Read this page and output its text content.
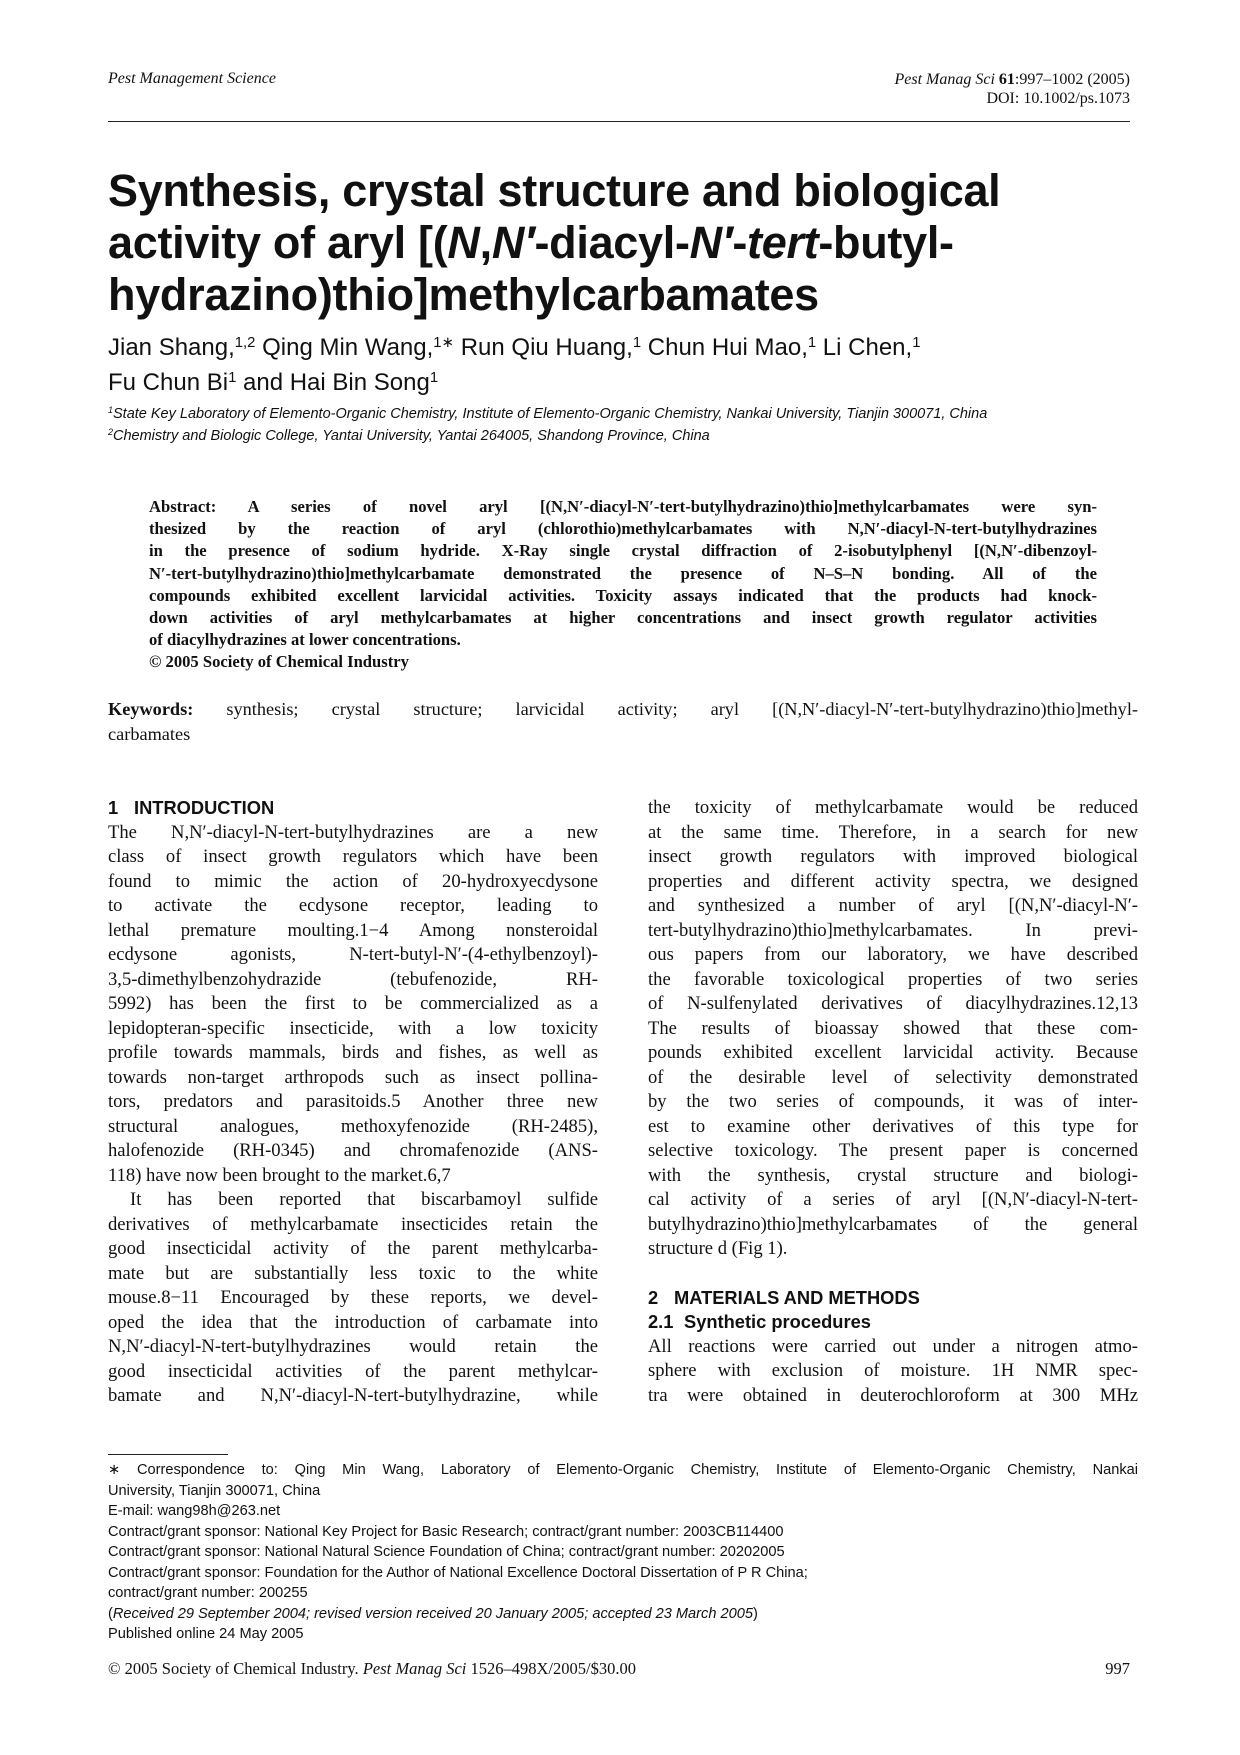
Pest Management Science	Pest Manag Sci 61:997–1002 (2005)
DOI: 10.1002/ps.1073
Synthesis, crystal structure and biological
activity of aryl [(N,N′-diacyl-N′-tert-butyl-
hydrazino)thio]methylcarbamates
Jian Shang,$^{1,2}$ Qing Min Wang,$^{1∗}$ Run Qiu Huang,$^1$ Chun Hui Mao,$^1$ Li Chen,$^1$
Fu Chun Bi$^1$ and Hai Bin Song$^1$
$^1$State Key Laboratory of Elemento-Organic Chemistry, Institute of Elemento-Organic Chemistry, Nankai University, Tianjin 300071, China
$^2$Chemistry and Biologic College, Yantai University, Yantai 264005, Shandong Province, China
Abstract: A series of novel aryl [(N,N′-diacyl-N′-tert-butylhydrazino)thio]methylcarbamates were syn-
thesized by the reaction of aryl (chlorothio)methylcarbamates with N,N′-diacyl-N-tert-butylhydrazines
in the presence of sodium hydride. X-Ray single crystal diffraction of 2-isobutylphenyl [(N,N′-dibenzoyl-
N′-tert-butylhydrazino)thio]methylcarbamate demonstrated the presence of N–S–N bonding. All of the
compounds exhibited excellent larvicidal activities. Toxicity assays indicated that the products had knock-
down activities of aryl methylcarbamates at higher concentrations and insect growth regulator activities
of diacylhydrazines at lower concentrations.
© 2005 Society of Chemical Industry
Keywords: synthesis; crystal structure; larvicidal activity; aryl [(N,N′-diacyl-N′-tert-butylhydrazino)thio]methyl-
carbamates
1 INTRODUCTION
The N,N′-diacyl-N-tert-butylhydrazines are a new
class of insect growth regulators which have been
found to mimic the action of 20-hydroxyecdysone
to activate the ecdysone receptor, leading to
lethal premature moulting.1−4 Among nonsteroidal
ecdysone agonists, N-tert-butyl-N′-(4-ethylbenzoyl)-
3,5-dimethylbenzohydrazide (tebufenozide, RH-
5992) has been the first to be commercialized as a
lepidopteran-specific insecticide, with a low toxicity
profile towards mammals, birds and fishes, as well as
towards non-target arthropods such as insect pollina-
tors, predators and parasitoids.5 Another three new
structural analogues, methoxyfenozide (RH-2485),
halofenozide (RH-0345) and chromafenozide (ANS-
118) have now been brought to the market.6,7
It has been reported that biscarbamoyl sulfide
derivatives of methylcarbamate insecticides retain the
good insecticidal activity of the parent methylcarba-
mate but are substantially less toxic to the white
mouse.8−11 Encouraged by these reports, we devel-
oped the idea that the introduction of carbamate into
N,N′-diacyl-N-tert-butylhydrazines would retain the
good insecticidal activities of the parent methylcar-
bamate and N,N′-diacyl-N-tert-butylhydrazine, while
the toxicity of methylcarbamate would be reduced
at the same time. Therefore, in a search for new
insect growth regulators with improved biological
properties and different activity spectra, we designed
and synthesized a number of aryl [(N,N′-diacyl-N′-
tert-butylhydrazino)thio]methylcarbamates. In previ-
ous papers from our laboratory, we have described
the favorable toxicological properties of two series
of N-sulfenylated derivatives of diacylhydrazines.12,13
The results of bioassay showed that these com-
pounds exhibited excellent larvicidal activity. Because
of the desirable level of selectivity demonstrated
by the two series of compounds, it was of inter-
est to examine other derivatives of this type for
selective toxicology. The present paper is concerned
with the synthesis, crystal structure and biologi-
cal activity of a series of aryl [(N,N′-diacyl-N-tert-
butylhydrazino)thio]methylcarbamates of the general
structure d (Fig 1).
2 MATERIALS AND METHODS
2.1 Synthetic procedures
All reactions were carried out under a nitrogen atmo-
sphere with exclusion of moisture. 1H NMR spec-
tra were obtained in deuterochloroform at 300 MHz
∗ Correspondence to: Qing Min Wang, Laboratory of Elemento-Organic Chemistry, Institute of Elemento-Organic Chemistry, Nankai
University, Tianjin 300071, China
E-mail: wang98h@263.net
Contract/grant sponsor: National Key Project for Basic Research; contract/grant number: 2003CB114400
Contract/grant sponsor: National Natural Science Foundation of China; contract/grant number: 20202005
Contract/grant sponsor: Foundation for the Author of National Excellence Doctoral Dissertation of P R China;
contract/grant number: 200255
(Received 29 September 2004; revised version received 20 January 2005; accepted 23 March 2005)
Published online 24 May 2005
© 2005 Society of Chemical Industry. Pest Manag Sci 1526–498X/2005/$30.00	997
